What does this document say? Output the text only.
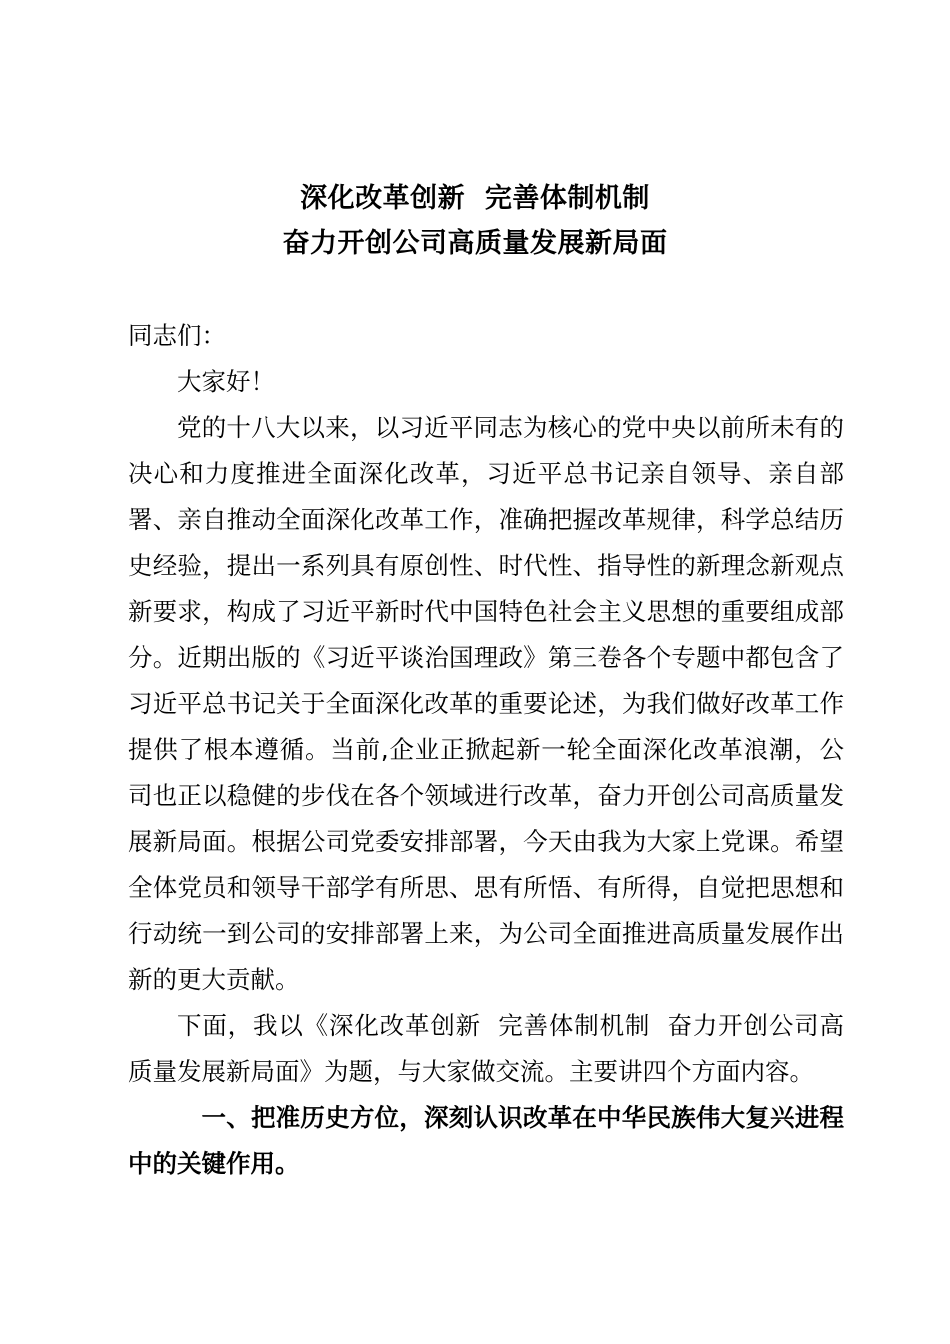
深化改革创新  完善体制机制
奋力开创公司高质量发展新局面

同志们：

大家好！

党的十八大以来，以习近平同志为核心的党中央以前所未有的决心和力度推进全面深化改革，习近平总书记亲自领导、亲自部署、亲自推动全面深化改革工作，准确把握改革规律，科学总结历史经验，提出一系列具有原创性、时代性、指导性的新理念新观点新要求，构成了习近平新时代中国特色社会主义思想的重要组成部分。近期出版的《习近平谈治国理政》第三卷各个专题中都包含了习近平总书记关于全面深化改革的重要论述，为我们做好改革工作提供了根本遵循。当前,企业正掀起新一轮全面深化改革浪潮，公司也正以稳健的步伐在各个领域进行改革，奋力开创公司高质量发展新局面。根据公司党委安排部署，今天由我为大家上党课。希望全体党员和领导干部学有所思、思有所悟、有所得，自觉把思想和行动统一到公司的安排部署上来，为公司全面推进高质量发展作出新的更大贡献。

下面，我以《深化改革创新  完善体制机制  奋力开创公司高质量发展新局面》为题，与大家做交流。主要讲四个方面内容。

一、把准历史方位，深刻认识改革在中华民族伟大复兴进程中的关键作用。
